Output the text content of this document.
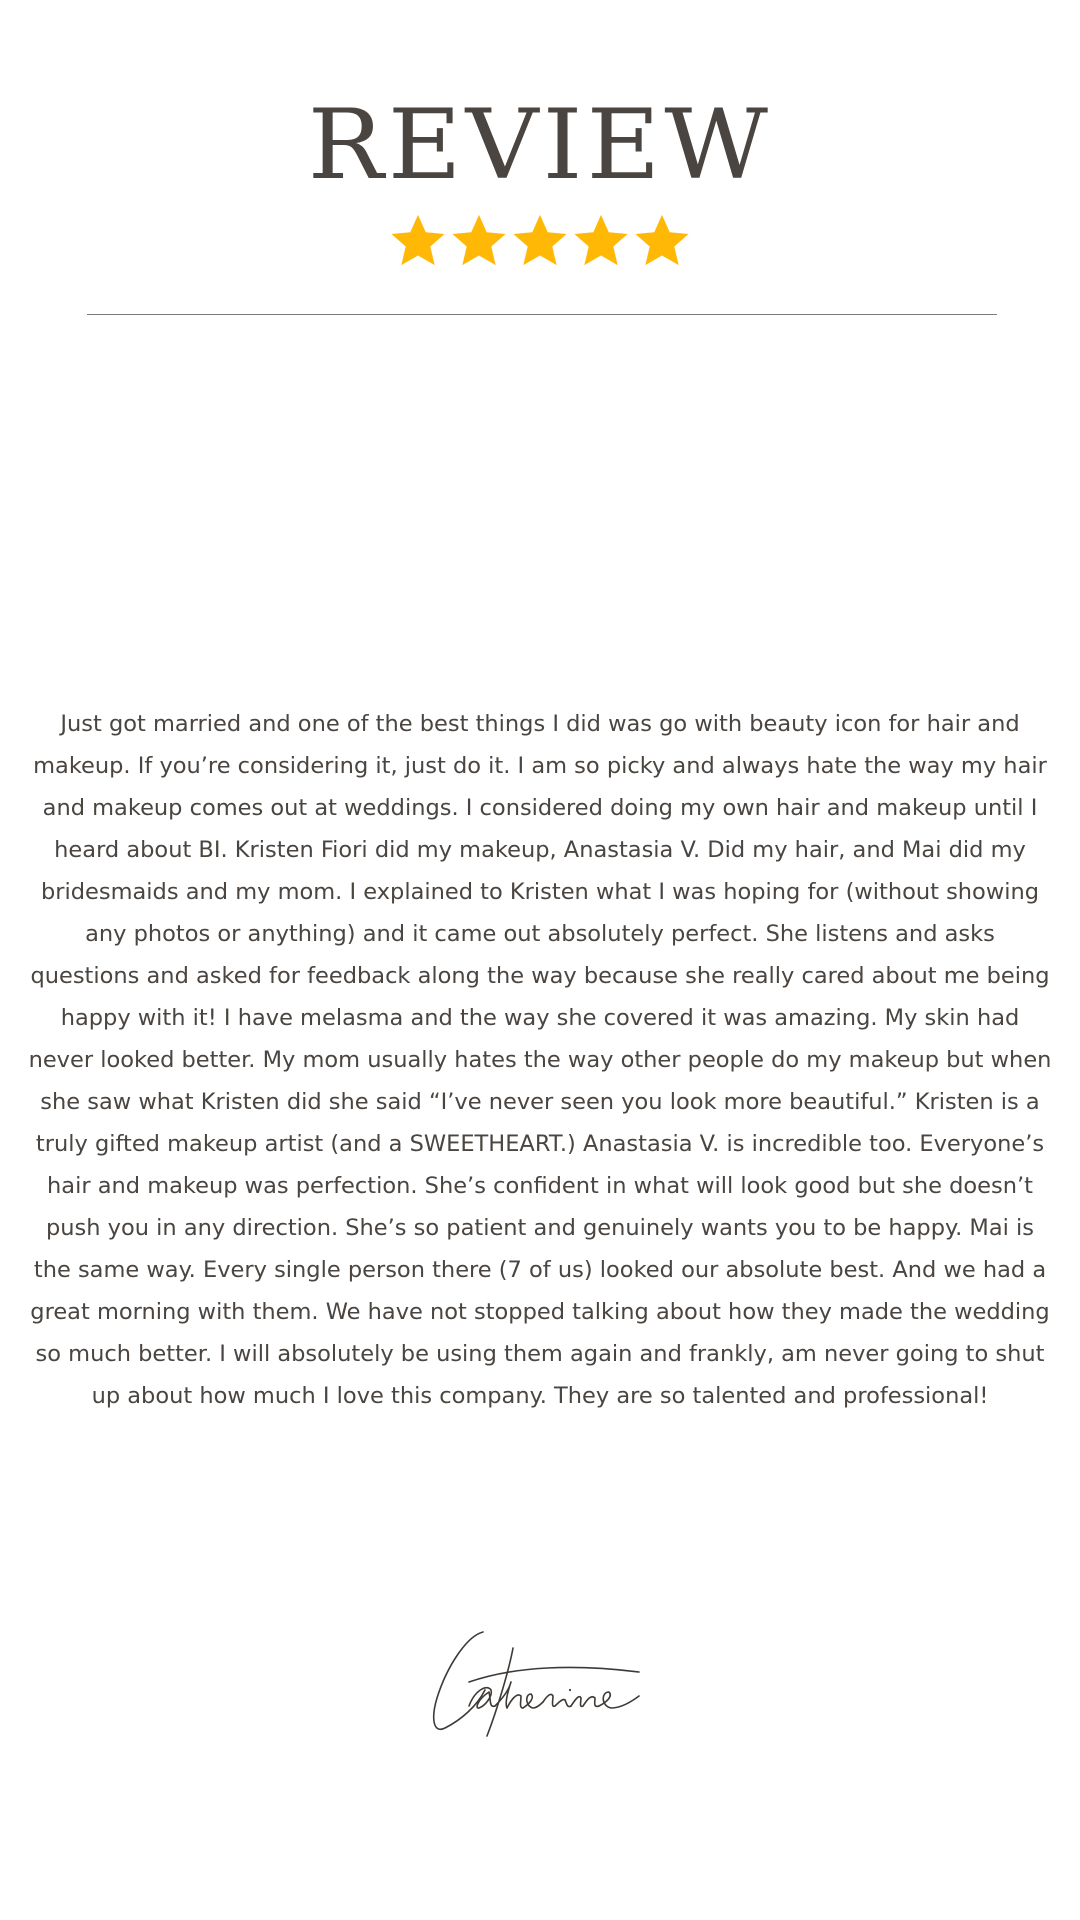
REVIEW

Just got married and one of the best things I did was go with beauty icon for hair and makeup. If you’re considering it, just do it. I am so picky and always hate the way my hair and makeup comes out at weddings. I considered doing my own hair and makeup until I heard about BI. Kristen Fiori did my makeup, Anastasia V. Did my hair, and Mai did my bridesmaids and my mom. I explained to Kristen what I was hoping for (without showing any photos or anything) and it came out absolutely perfect. She listens and asks questions and asked for feedback along the way because she really cared about me being happy with it! I have melasma and the way she covered it was amazing. My skin had never looked better. My mom usually hates the way other people do my makeup but when she saw what Kristen did she said “I’ve never seen you look more beautiful.” Kristen is a truly gifted makeup artist (and a SWEETHEART.) Anastasia V. is incredible too. Everyone’s hair and makeup was perfection. She’s confident in what will look good but she doesn’t push you in any direction. She’s so patient and genuinely wants you to be happy. Mai is the same way. Every single person there (7 of us) looked our absolute best. And we had a great morning with them. We have not stopped talking about how they made the wedding so much better. I will absolutely be using them again and frankly, am never going to shut up about how much I love this company. They are so talented and professional!
